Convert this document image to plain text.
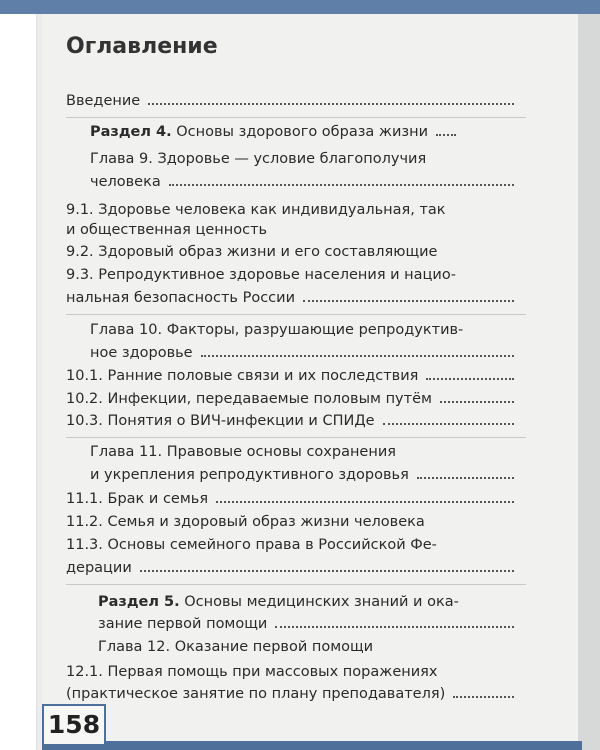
Оглавление
Введение
Раздел 4. Основы здорового образа жизни
Глава 9. Здоровье — условие благополучия
человека
9.1. Здоровье человека как индивидуальная, так
и общественная ценность
9.2. Здоровый образ жизни и его составляющие
9.3. Репродуктивное здоровье населения и нацио-
нальная безопасность России
Глава 10. Факторы, разрушающие репродуктив-
ное здоровье
10.1. Ранние половые связи и их последствия
10.2. Инфекции, передаваемые половым путём
10.3. Понятия о ВИЧ-инфекции и СПИДе
Глава 11. Правовые основы сохранения
и укрепления репродуктивного здоровья
11.1. Брак и семья
11.2. Семья и здоровый образ жизни человека
11.3. Основы семейного права в Российской Фе-
дерации
Раздел 5. Основы медицинских знаний и ока-
зание первой помощи
Глава 12. Оказание первой помощи
12.1. Первая помощь при массовых поражениях
(практическое занятие по плану преподавателя)
158
